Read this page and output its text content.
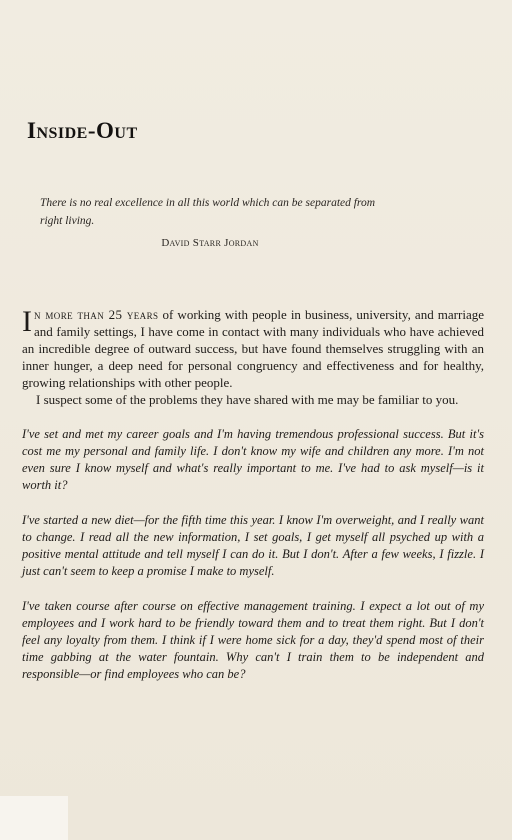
Inside-Out

There is no real excellence in all this world which can be separated from right living.

David Starr Jordan

In more than 25 years of working with people in business, university, and marriage and family settings, I have come in contact with many individuals who have achieved an incredible degree of outward success, but have found themselves struggling with an inner hunger, a deep need for personal congruency and effectiveness and for healthy, growing relationships with other people.

I suspect some of the problems they have shared with me may be familiar to you.

I've set and met my career goals and I'm having tremendous professional success. But it's cost me my personal and family life. I don't know my wife and children any more. I'm not even sure I know myself and what's really important to me. I've had to ask myself—is it worth it?

I've started a new diet—for the fifth time this year. I know I'm overweight, and I really want to change. I read all the new information, I set goals, I get myself all psyched up with a positive mental attitude and tell myself I can do it. But I don't. After a few weeks, I fizzle. I just can't seem to keep a promise I make to myself.

I've taken course after course on effective management training. I expect a lot out of my employees and I work hard to be friendly toward them and to treat them right. But I don't feel any loyalty from them. I think if I were home sick for a day, they'd spend most of their time gabbing at the water fountain. Why can't I train them to be independent and responsible—or find employees who can be?
